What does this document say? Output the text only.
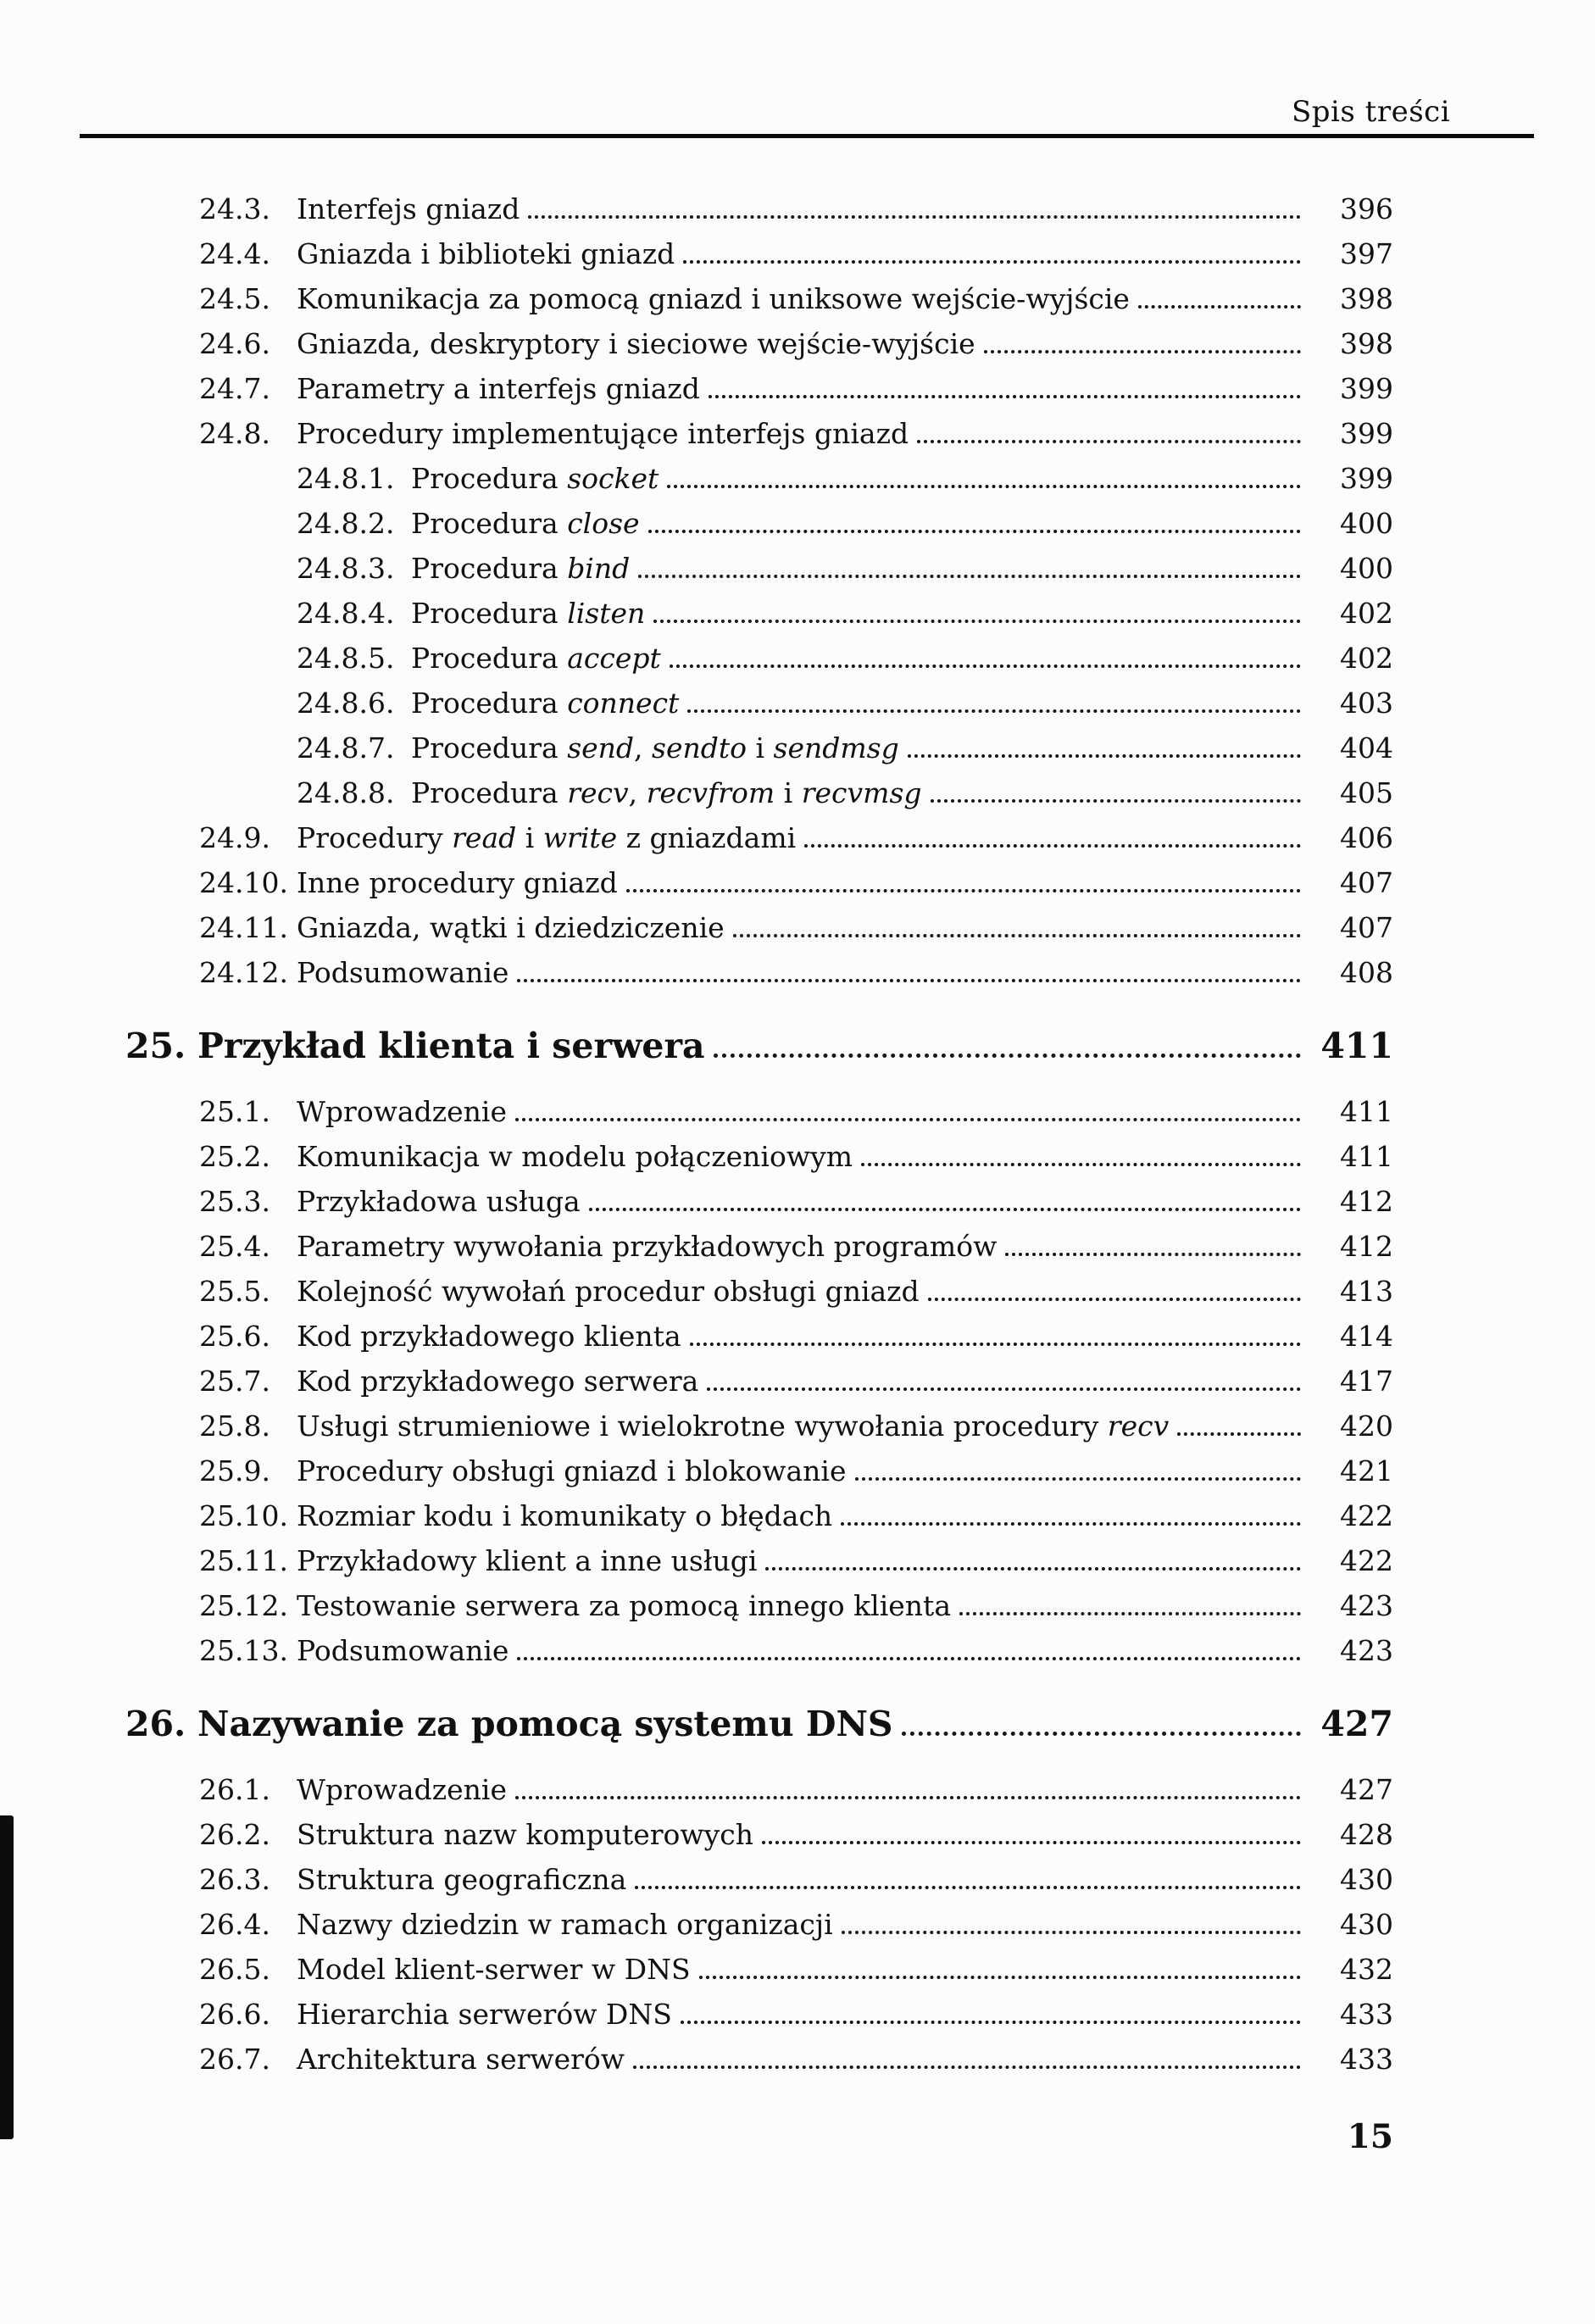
Spis treści
24.3. Interfejs gniazd	396
24.4. Gniazda i biblioteki gniazd	397
24.5. Komunikacja za pomocą gniazd i uniksowe wejście-wyjście	398
24.6. Gniazda, deskryptory i sieciowe wejście-wyjście	398
24.7. Parametry a interfejs gniazd	399
24.8. Procedury implementujące interfejs gniazd	399
24.8.1. Procedura socket	399
24.8.2. Procedura close	400
24.8.3. Procedura bind	400
24.8.4. Procedura listen	402
24.8.5. Procedura accept	402
24.8.6. Procedura connect	403
24.8.7. Procedura send, sendto i sendmsg	404
24.8.8. Procedura recv, recvfrom i recvmsg	405
24.9. Procedury read i write z gniazdami	406
24.10. Inne procedury gniazd	407
24.11. Gniazda, wątki i dziedziczenie	407
24.12. Podsumowanie	408
25. Przykład klienta i serwera	411
25.1. Wprowadzenie	411
25.2. Komunikacja w modelu połączeniowym	411
25.3. Przykładowa usługa	412
25.4. Parametry wywołania przykładowych programów	412
25.5. Kolejność wywołań procedur obsługi gniazd	413
25.6. Kod przykładowego klienta	414
25.7. Kod przykładowego serwera	417
25.8. Usługi strumieniowe i wielokrotne wywołania procedury recv	420
25.9. Procedury obsługi gniazd i blokowanie	421
25.10. Rozmiar kodu i komunikaty o błędach	422
25.11. Przykładowy klient a inne usługi	422
25.12. Testowanie serwera za pomocą innego klienta	423
25.13. Podsumowanie	423
26. Nazywanie za pomocą systemu DNS	427
26.1. Wprowadzenie	427
26.2. Struktura nazw komputerowych	428
26.3. Struktura geograficzna	430
26.4. Nazwy dziedzin w ramach organizacji	430
26.5. Model klient-serwer w DNS	432
26.6. Hierarchia serwerów DNS	433
26.7. Architektura serwerów	433
15
